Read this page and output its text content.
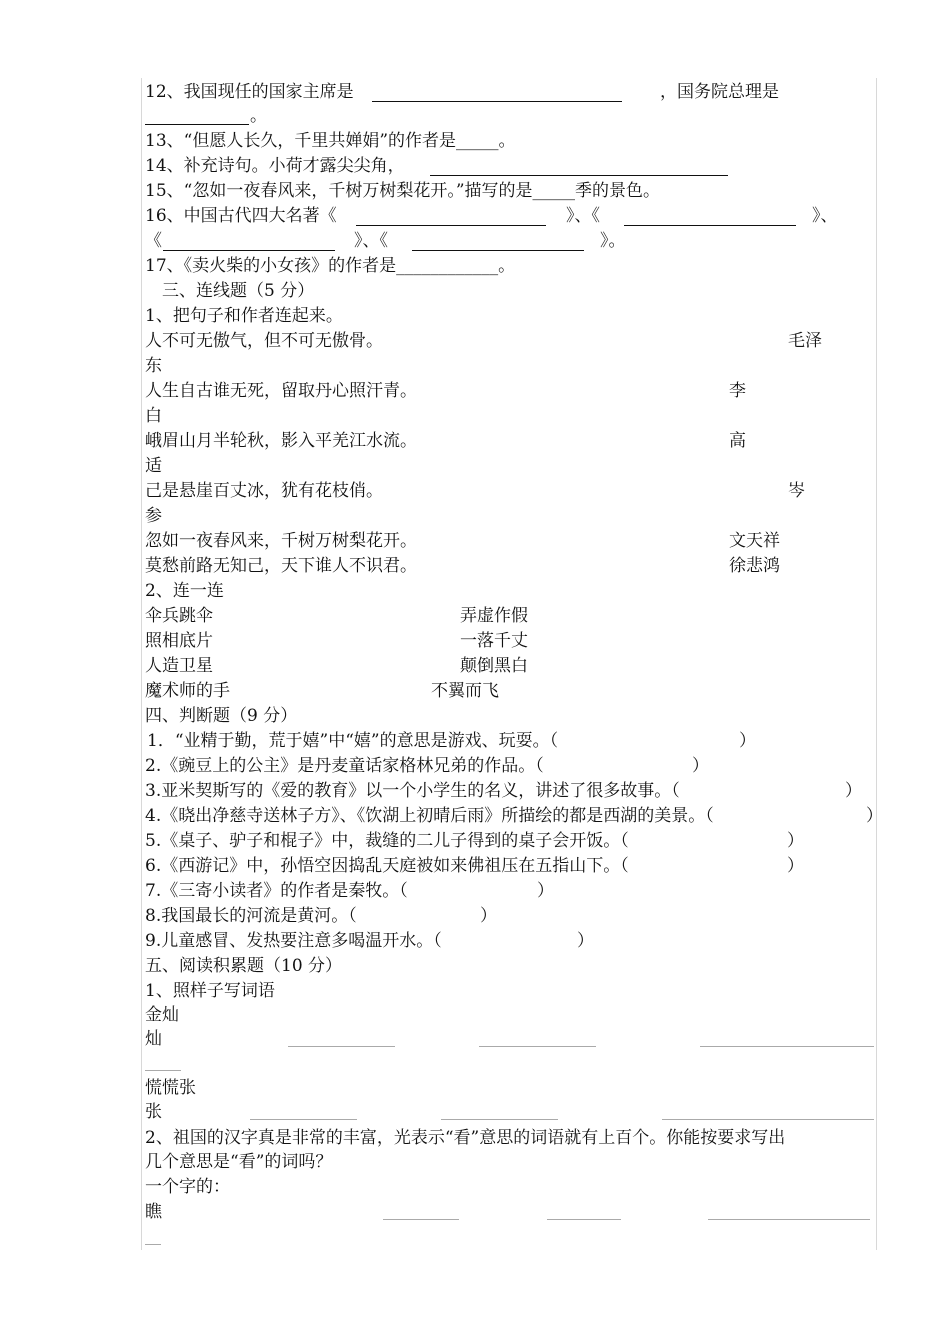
12、我国现任的国家主席是	，国务院总理是
。
13、“但愿人长久，千里共婵娟”的作者是_____。
14、补充诗句。小荷才露尖尖角，
15、“忽如一夜春风来，千树万树梨花开。”描写的是_____季的景色。
16、中国古代四大名著《	》、《	》、
《	》、《	》。
17、《卖火柴的小女孩》的作者是____________。
三、连线题（5 分）
1、把句子和作者连起来。
人不可无傲气，但不可无傲骨。	毛泽
东
人生自古谁无死，留取丹心照汗青。	李
白
峨眉山月半轮秋，影入平羌江水流。	高
适
己是悬崖百丈冰，犹有花枝俏。	岑
参
忽如一夜春风来，千树万树梨花开。	文天祥
莫愁前路无知己，天下谁人不识君。	徐悲鸿
2、连一连
伞兵跳伞	弄虚作假
照相底片	一落千丈
人造卫星	颠倒黑白
魔术师的手	不翼而飞
四、判断题（9 分）
1．“业精于勤，荒于嬉”中“嬉”的意思是游戏、玩耍。（	）
2.《豌豆上的公主》是丹麦童话家格林兄弟的作品。（	）
3.亚米契斯写的《爱的教育》以一个小学生的名义，讲述了很多故事。（	）
4.《晓出净慈寺送林子方》、《饮湖上初晴后雨》所描绘的都是西湖的美景。（	）
5.《桌子、驴子和棍子》中，裁缝的二儿子得到的桌子会开饭。（	）
6.《西游记》中，孙悟空因捣乱天庭被如来佛祖压在五指山下。（	）
7.《三寄小读者》的作者是秦牧。（	）
8.我国最长的河流是黄河。（	）
9.儿童感冒、发热要注意多喝温开水。（	）
五、阅读积累题（10 分）
1、照样子写词语
金灿
灿
慌慌张
张
2、祖国的汉字真是非常的丰富，光表示“看”意思的词语就有上百个。你能按要求写出
几个意思是“看”的词吗？
一个字的：
瞧
